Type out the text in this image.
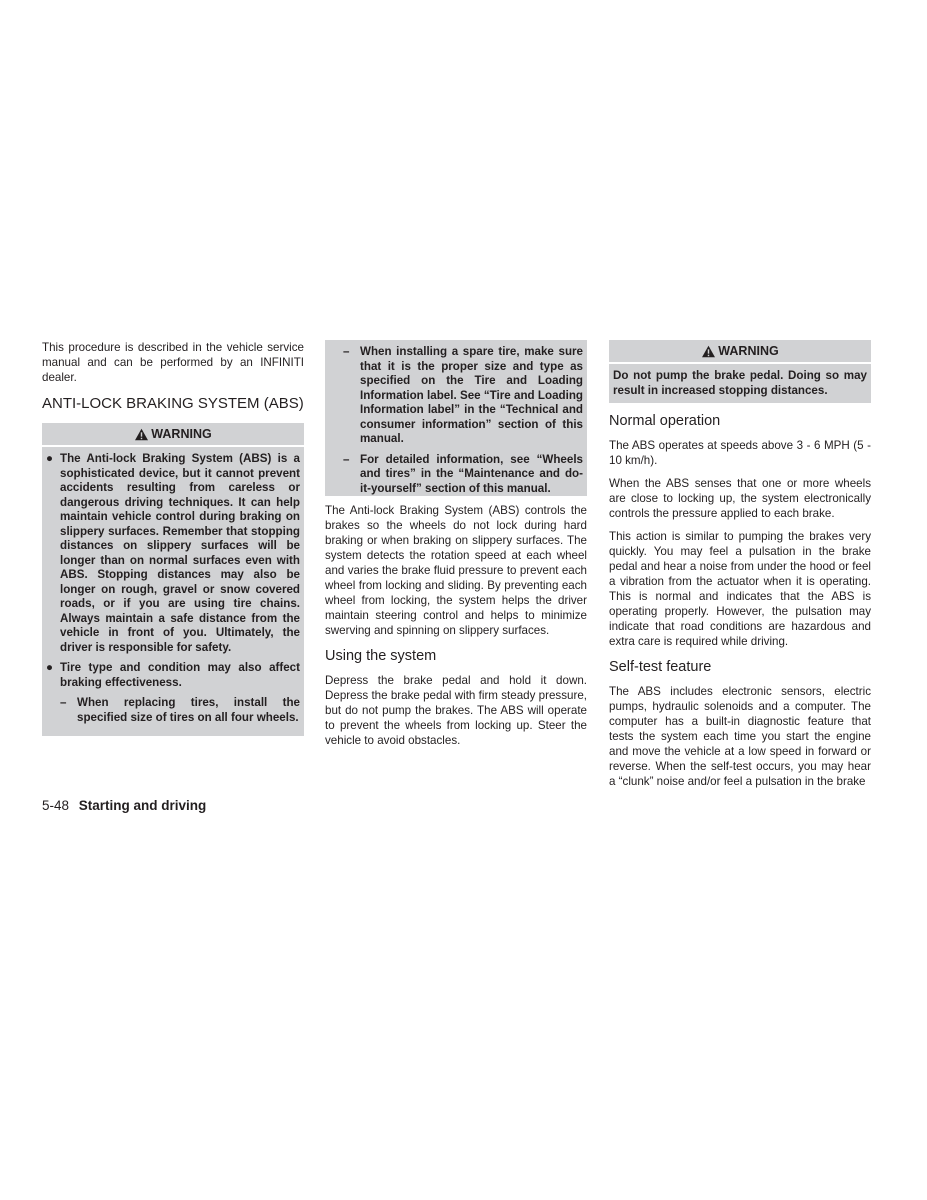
This procedure is described in the vehicle service manual and can be performed by an INFINITI dealer.

ANTI-LOCK BRAKING SYSTEM (ABS)
WARNING
● The Anti-lock Braking System (ABS) is a sophisticated device, but it cannot prevent accidents resulting from careless or dangerous driving techniques. It can help maintain vehicle control during braking on slippery surfaces. Remember that stopping distances on slippery surfaces will be longer than on normal surfaces even with ABS. Stopping distances may also be longer on rough, gravel or snow covered roads, or if you are using tire chains. Always maintain a safe distance from the vehicle in front of you. Ultimately, the driver is responsible for safety.

● Tire type and condition may also affect braking effectiveness.

– When replacing tires, install the specified size of tires on all four wheels.

– When installing a spare tire, make sure that it is the proper size and type as specified on the Tire and Loading Information label. See “Tire and Loading Information label” in the “Technical and consumer information” section of this manual.

– For detailed information, see “Wheels and tires” in the “Maintenance and do-it-yourself” section of this manual.

The Anti-lock Braking System (ABS) controls the brakes so the wheels do not lock during hard braking or when braking on slippery surfaces. The system detects the rotation speed at each wheel and varies the brake fluid pressure to prevent each wheel from locking and sliding. By preventing each wheel from locking, the system helps the driver maintain steering control and helps to minimize swerving and spinning on slippery surfaces.

Using the system

Depress the brake pedal and hold it down. Depress the brake pedal with firm steady pressure, but do not pump the brakes. The ABS will operate to prevent the wheels from locking up. Steer the vehicle to avoid obstacles.

WARNING

Do not pump the brake pedal. Doing so may result in increased stopping distances.

Normal operation

The ABS operates at speeds above 3 - 6 MPH (5 - 10 km/h).

When the ABS senses that one or more wheels are close to locking up, the system electronically controls the pressure applied to each brake.

This action is similar to pumping the brakes very quickly. You may feel a pulsation in the brake pedal and hear a noise from under the hood or feel a vibration from the actuator when it is operating. This is normal and indicates that the ABS is operating properly. However, the pulsation may indicate that road conditions are hazardous and extra care is required while driving.

Self-test feature

The ABS includes electronic sensors, electric pumps, hydraulic solenoids and a computer. The computer has a built-in diagnostic feature that tests the system each time you start the engine and move the vehicle at a low speed in forward or reverse. When the self-test occurs, you may hear a “clunk” noise and/or feel a pulsation in the brake

5-48 Starting and driving
